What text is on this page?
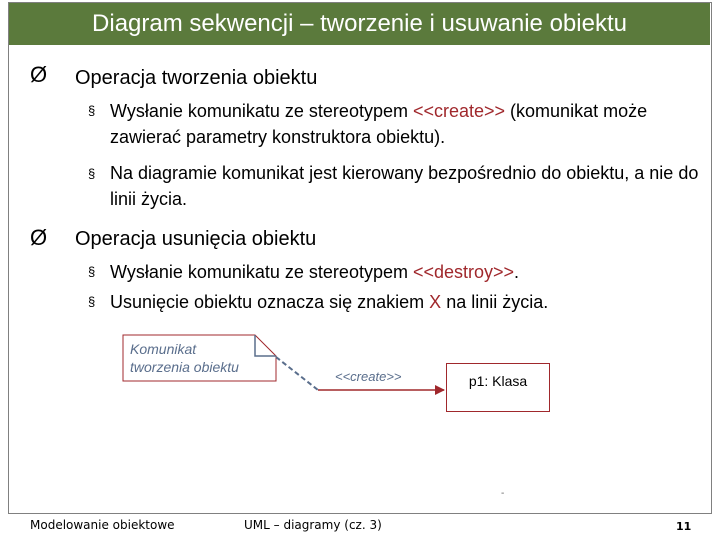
Diagram sekwencji – tworzenie i usuwanie obiektu
Ø Operacja tworzenia obiektu
§ Wysłanie komunikatu ze stereotypem <<create>> (komunikat może zawierać parametry konstruktora obiektu).
§ Na diagramie komunikat jest kierowany bezpośrednio do obiektu, a nie do linii życia.
Ø Operacja usunięcia obiektu
§ Wysłanie komunikatu ze stereotypem <<destroy>>.
§ Usunięcie obiektu oznacza się znakiem X na linii życia.
Komunikat
tworzenia obiektu
<<create>>	p1: Klasa
-
Modelowanie obiektowe	UML – diagramy (cz. 3)	11
